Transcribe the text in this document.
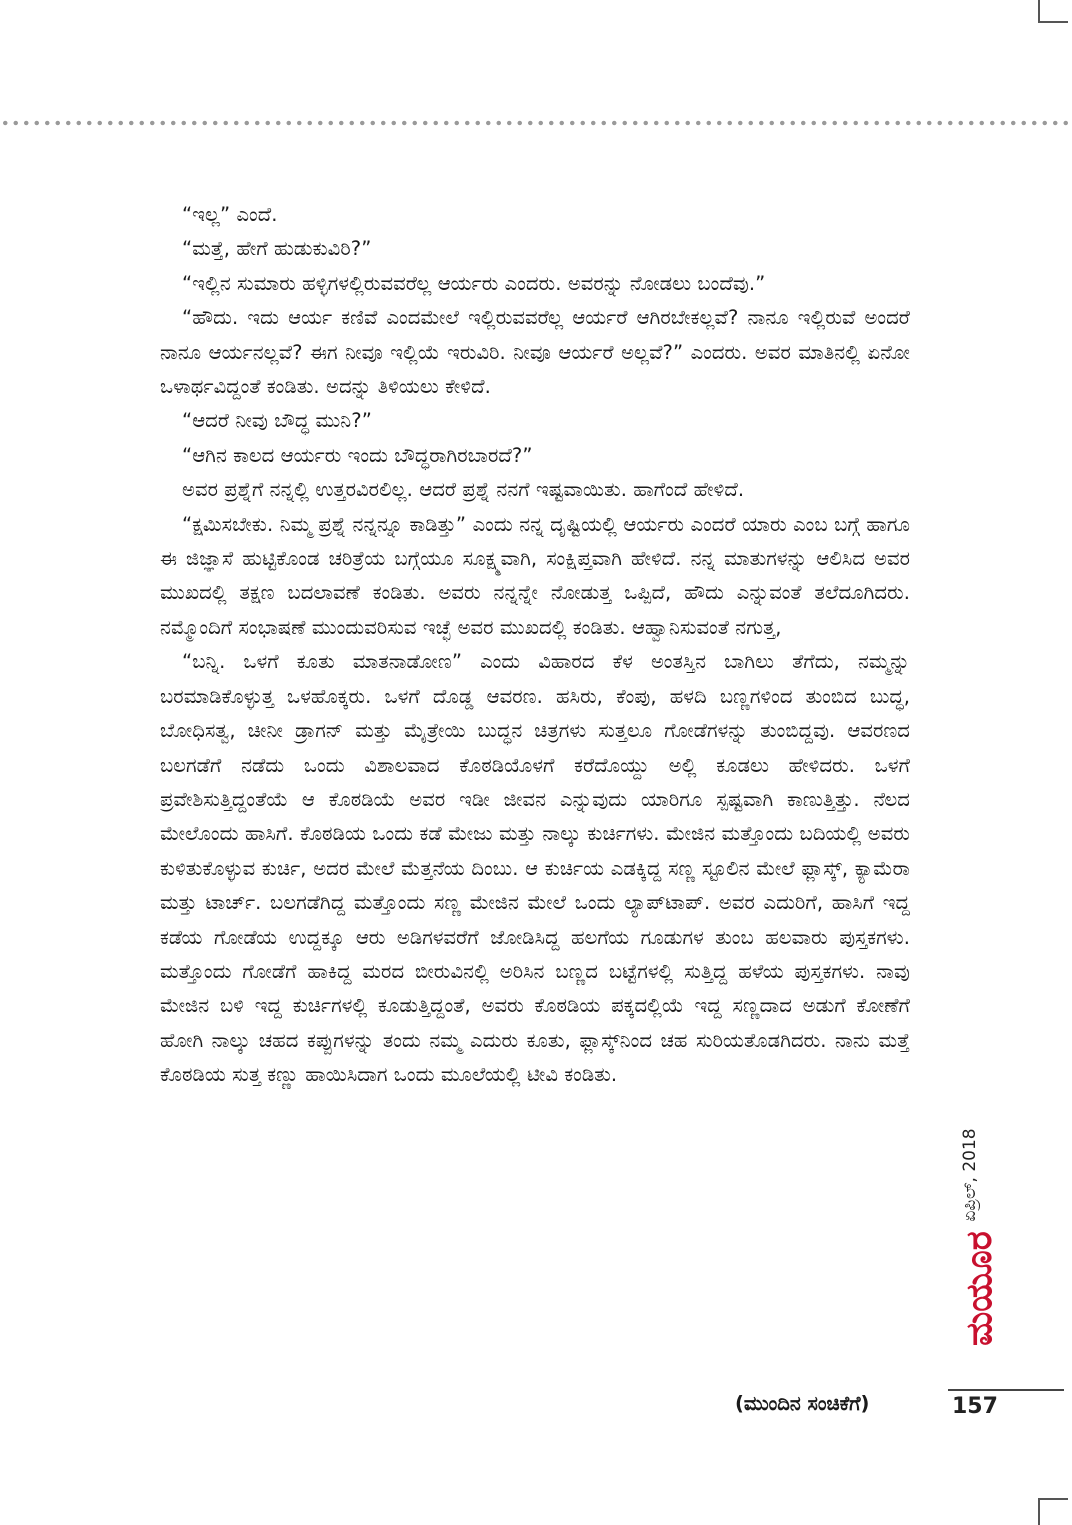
“ಇಲ್ಲ” ಎಂದೆ.

“ಮತ್ತೆ, ಹೇಗೆ ಹುಡುಕುವಿರಿ?”

“ಇಲ್ಲಿನ ಸುಮಾರು ಹಳ್ಳಿಗಳಲ್ಲಿರುವವರೆಲ್ಲ ಆರ್ಯರು ಎಂದರು. ಅವರನ್ನು ನೋಡಲು ಬಂದೆವು.”

“ಹೌದು. ಇದು ಆರ್ಯ ಕಣಿವೆ ಎಂದಮೇಲೆ ಇಲ್ಲಿರುವವರೆಲ್ಲ ಆರ್ಯರೆ ಆಗಿರಬೇಕಲ್ಲವೆ? ನಾನೂ ಇಲ್ಲಿರುವೆ ಅಂದರೆ ನಾನೂ ಆರ್ಯನಲ್ಲವೆ? ಈಗ ನೀವೂ ಇಲ್ಲಿಯೆ ಇರುವಿರಿ. ನೀವೂ ಆರ್ಯರೆ ಅಲ್ಲವೆ?” ಎಂದರು. ಅವರ ಮಾತಿನಲ್ಲಿ ಏನೋ ಒಳಾರ್ಥವಿದ್ದಂತೆ ಕಂಡಿತು. ಅದನ್ನು ತಿಳಿಯಲು ಕೇಳಿದೆ.

“ಆದರೆ ನೀವು ಬೌದ್ಧ ಮುನಿ?”

“ಆಗಿನ ಕಾಲದ ಆರ್ಯರು ಇಂದು ಬೌದ್ಧರಾಗಿರಬಾರದೆ?”

ಅವರ ಪ್ರಶ್ನೆಗೆ ನನ್ನಲ್ಲಿ ಉತ್ತರವಿರಲಿಲ್ಲ. ಆದರೆ ಪ್ರಶ್ನೆ ನನಗೆ ಇಷ್ಟವಾಯಿತು. ಹಾಗೆಂದೆ ಹೇಳಿದೆ.

“ಕ್ಷಮಿಸಬೇಕು. ನಿಮ್ಮ ಪ್ರಶ್ನೆ ನನ್ನನ್ನೂ ಕಾಡಿತ್ತು” ಎಂದು ನನ್ನ ದೃಷ್ಟಿಯಲ್ಲಿ ಆರ್ಯರು ಎಂದರೆ ಯಾರು ಎಂಬ ಬಗ್ಗೆ ಹಾಗೂ ಈ ಜಿಜ್ಞಾಸೆ ಹುಟ್ಟಿಕೊಂಡ ಚರಿತ್ರೆಯ ಬಗ್ಗೆಯೂ ಸೂಕ್ಷ್ಮವಾಗಿ, ಸಂಕ್ಷಿಪ್ತವಾಗಿ ಹೇಳಿದೆ. ನನ್ನ ಮಾತುಗಳನ್ನು ಆಲಿಸಿದ ಅವರ ಮುಖದಲ್ಲಿ ತಕ್ಷಣ ಬದಲಾವಣೆ ಕಂಡಿತು. ಅವರು ನನ್ನನ್ನೇ ನೋಡುತ್ತ ಒಪ್ಪಿದೆ, ಹೌದು ಎನ್ನುವಂತೆ ತಲೆದೂಗಿದರು. ನಮ್ಮೊಂದಿಗೆ ಸಂಭಾಷಣೆ ಮುಂದುವರಿಸುವ ಇಚ್ಛೆ ಅವರ ಮುಖದಲ್ಲಿ ಕಂಡಿತು. ಆಹ್ವಾನಿಸುವಂತೆ ನಗುತ್ತ,

“ಬನ್ನಿ. ಒಳಗೆ ಕೂತು ಮಾತನಾಡೋಣ” ಎಂದು ವಿಹಾರದ ಕೆಳ ಅಂತಸ್ತಿನ ಬಾಗಿಲು ತೆಗೆದು, ನಮ್ಮನ್ನು ಬರಮಾಡಿಕೊಳ್ಳುತ್ತ ಒಳಹೊಕ್ಕರು. ಒಳಗೆ ದೊಡ್ಡ ಆವರಣ. ಹಸಿರು, ಕೆಂಪು, ಹಳದಿ ಬಣ್ಣಗಳಿಂದ ತುಂಬಿದ ಬುದ್ಧ, ಬೋಧಿಸತ್ವ, ಚೀನೀ ಡ್ರಾಗನ್ ಮತ್ತು ಮೈತ್ರೇಯಿ ಬುದ್ಧನ ಚಿತ್ರಗಳು ಸುತ್ತಲೂ ಗೋಡೆಗಳನ್ನು ತುಂಬಿದ್ದವು. ಆವರಣದ ಬಲಗಡೆಗೆ ನಡೆದು ಒಂದು ವಿಶಾಲವಾದ ಕೊಠಡಿಯೊಳಗೆ ಕರೆದೊಯ್ದು ಅಲ್ಲಿ ಕೂಡಲು ಹೇಳಿದರು. ಒಳಗೆ ಪ್ರವೇಶಿಸುತ್ತಿದ್ದಂತೆಯೆ ಆ ಕೊಠಡಿಯೆ ಅವರ ಇಡೀ ಜೀವನ ಎನ್ನುವುದು ಯಾರಿಗೂ ಸ್ಪಷ್ಟವಾಗಿ ಕಾಣುತ್ತಿತ್ತು. ನೆಲದ ಮೇಲೊಂದು ಹಾಸಿಗೆ. ಕೊಠಡಿಯ ಒಂದು ಕಡೆ ಮೇಜು ಮತ್ತು ನಾಲ್ಕು ಕುರ್ಚಿಗಳು. ಮೇಜಿನ ಮತ್ತೊಂದು ಬದಿಯಲ್ಲಿ ಅವರು ಕುಳಿತುಕೊಳ್ಳುವ ಕುರ್ಚಿ, ಅದರ ಮೇಲೆ ಮೆತ್ತನೆಯ ದಿಂಬು. ಆ ಕುರ್ಚಿಯ ಎಡಕ್ಕಿದ್ದ ಸಣ್ಣ ಸ್ಟೂಲಿನ ಮೇಲೆ ಫ್ಲಾಸ್ಕ್, ಕ್ಯಾಮೆರಾ ಮತ್ತು ಟಾರ್ಚ್. ಬಲಗಡೆಗಿದ್ದ ಮತ್ತೊಂದು ಸಣ್ಣ ಮೇಜಿನ ಮೇಲೆ ಒಂದು ಲ್ಯಾಪ್‌ಟಾಪ್. ಅವರ ಎದುರಿಗೆ, ಹಾಸಿಗೆ ಇದ್ದ ಕಡೆಯ ಗೋಡೆಯ ಉದ್ದಕ್ಕೂ ಆರು ಅಡಿಗಳವರೆಗೆ ಜೋಡಿಸಿದ್ದ ಹಲಗೆಯ ಗೂಡುಗಳ ತುಂಬ ಹಲವಾರು ಪುಸ್ತಕಗಳು. ಮತ್ತೊಂದು ಗೋಡೆಗೆ ಹಾಕಿದ್ದ ಮರದ ಬೀರುವಿನಲ್ಲಿ ಅರಿಸಿನ ಬಣ್ಣದ ಬಟ್ಟೆಗಳಲ್ಲಿ ಸುತ್ತಿದ್ದ ಹಳೆಯ ಪುಸ್ತಕಗಳು. ನಾವು ಮೇಜಿನ ಬಳಿ ಇದ್ದ ಕುರ್ಚಿಗಳಲ್ಲಿ ಕೂಡುತ್ತಿದ್ದಂತೆ, ಅವರು ಕೊಠಡಿಯ ಪಕ್ಕದಲ್ಲಿಯೆ ಇದ್ದ ಸಣ್ಣದಾದ ಅಡುಗೆ ಕೋಣೆಗೆ ಹೋಗಿ ನಾಲ್ಕು ಚಹದ ಕಪ್ಪುಗಳನ್ನು ತಂದು ನಮ್ಮ ಎದುರು ಕೂತು, ಫ್ಲಾಸ್ಕ್‌ನಿಂದ ಚಹ ಸುರಿಯತೊಡಗಿದರು. ನಾನು ಮತ್ತೆ ಕೊಠಡಿಯ ಸುತ್ತ ಕಣ್ಣು ಹಾಯಿಸಿದಾಗ ಒಂದು ಮೂಲೆಯಲ್ಲಿ ಟೀವಿ ಕಂಡಿತು.

(ಮುಂದಿನ ಸಂಚಿಕೆಗೆ)
ಏಪ್ರಿಲ್, 2018
ಮಯೂರ
157
